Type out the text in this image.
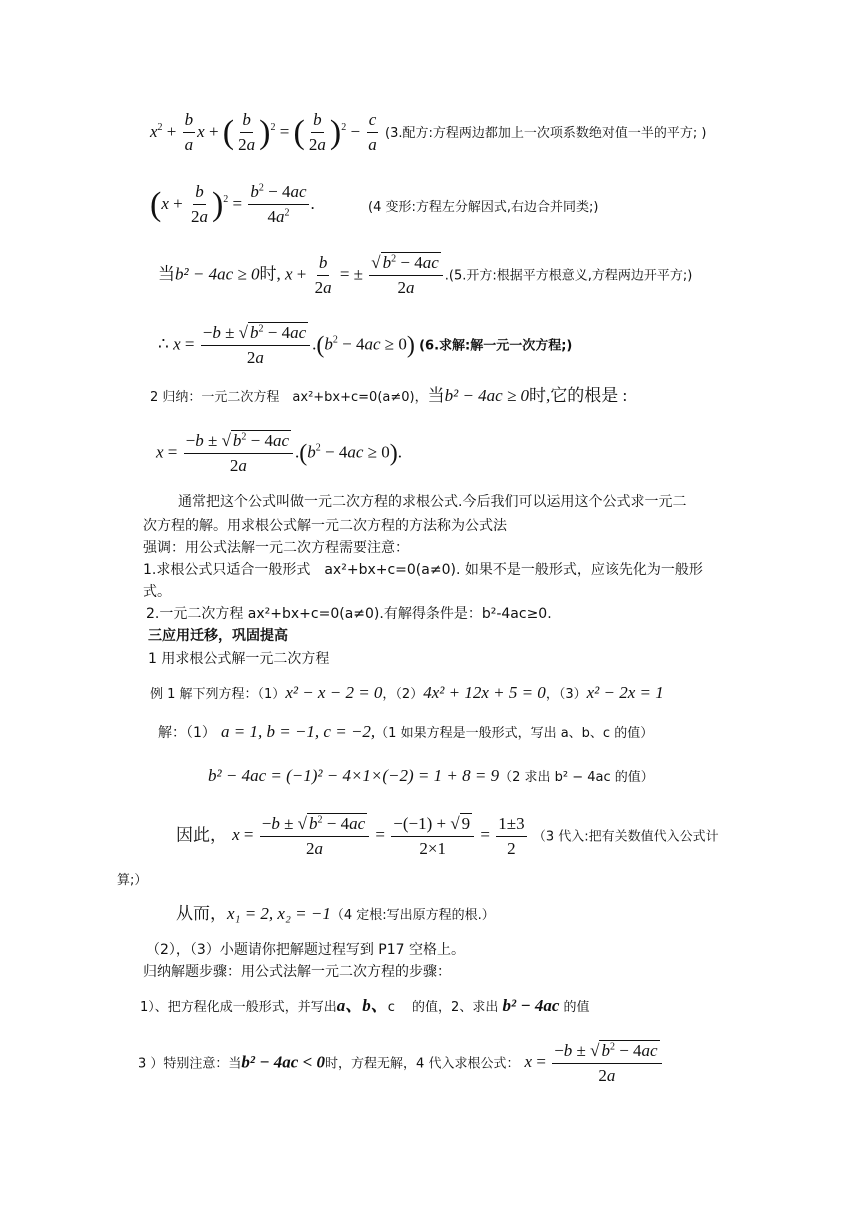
$x^2 + \frac{b}{a}$ x + ( $\frac{b}{2a} )^2$ = ( $\frac{b}{2a} )^2 - \frac{c}{a} (3$.配方:方程两边都加上一次项系数绝对值一半的平方; )
$(x + \frac{b}{2a} )^2 = \frac{b^2 - 4ac}{4a^2}$ .	(4 变形:方程左分解因式,右边合并同类;)
当b² − 4ac ≥ 0时, $x + \frac{b}{2a}$ = ± $\frac{√ b^2 - 4ac}{2a} .(5$.开方:根据平方根意义,方程两边开平方;)
∴ $x = \frac{-b \pm √ b^2 - 4ac}{2a} .(b^2 - 4ac \ge 0)$ (6.求解:解一元一次方程;)
2 归纳：一元二次方程　ax²+bx+c=0(a≠0)，当b² − 4ac ≥ 0时,它的根是 :
$x = \frac{-b \pm √ b^2 - 4ac}{2a} .(b^2 - 4ac \ge 0)$.
通常把这个公式叫做一元二次方程的求根公式.今后我们可以运用这个公式求一元二
次方程的解。用求根公式解一元二次方程的方法称为公式法
强调：用公式法解一元二次方程需要注意：
1.求根公式只适合一般形式　ax²+bx+c=0(a≠0). 如果不是一般形式，应该先化为一般形
式。
2.一元二次方程 ax²+bx+c=0(a≠0).有解得条件是：b²-4ac≥0.
三应用迁移，巩固提高
1 用求根公式解一元二次方程
例 1 解下列方程：（1）x² − x − 2 = 0，（2）4x² + 12x + 5 = 0，（3）x² − 2x = 1
解：（1） a = 1, b = −1, c = −2,（1 如果方程是一般形式，写出 a、b、c 的值）
b² − 4ac = (−1)² − 4×1×(−2) = 1 + 8 = 9（2 求出 b² − 4ac 的值）
因此， $x = \frac{-b \pm √ b^2 - 4ac}{2a} = \frac{-(-1) + √ 9}{2\times 1} = \frac{1\pm 3}{2} (3$ 代入:把有关数值代入公式计
算;）
从而，x₁ = 2, x₂ = −1（4 定根:写出原方程的根.）
（2），（3）小题请你把解题过程写到 P17 空格上。
归纳解题步骤：用公式法解一元二次方程的步骤：
1）、把方程化成一般形式，并写出a、b、c　 的值，2、求出 b² − 4ac 的值
3 ）特别注意：当b² − 4ac < 0时，方程无解，4 代入求根公式： $x = \frac{-b \pm √ b^2 - 4ac}{2a}$
